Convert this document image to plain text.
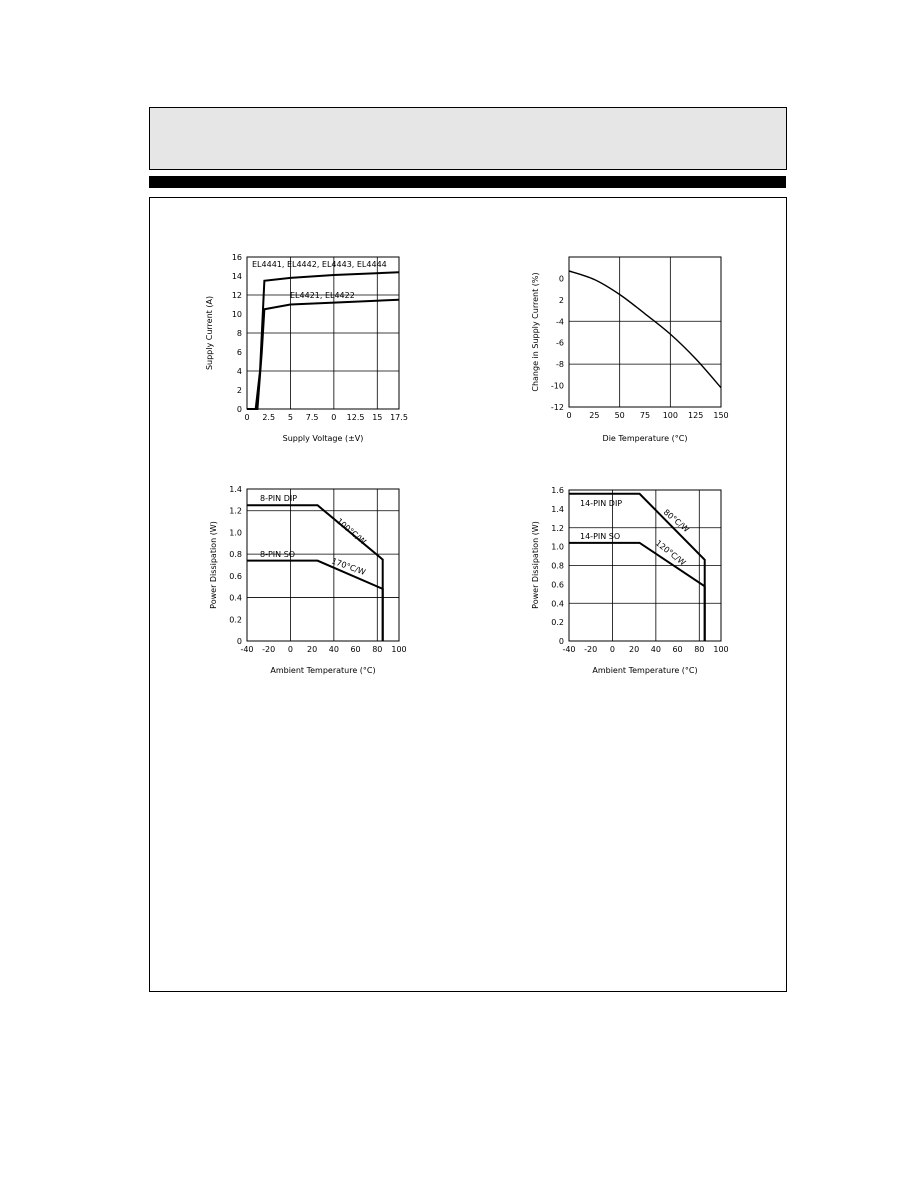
0 2.5 5 7.5 0 12.5 15 17.5
0
2
4
6
8
10
12
14
16
EL4441, EL4442, EL4443, EL4444
EL4421, EL4422
Supply Voltage (±V)
Supply Current (A)
0 25 50 75 100 125 150
-12
-10
-8
-6
-4
2
0
Die Temperature (°C)
Change in Supply Current (%)
-40 -20 0 20 40 60 80 100
0
0.2
0.4
0.6
0.8
1.0
1.2
1.4
8-PIN DIP
8-PIN SO
100°C/W
170°C/W
Ambient Temperature (°C)
Power Dissipation (W)
-40 -20 0 20 40 60 80 100
0
0.2
0.4
0.6
0.8
1.0
1.2
1.4
1.6
14-PIN DIP
14-PIN SO
80°C/W
120°C/W
Ambient Temperature (°C)
Power Dissipation (W)
